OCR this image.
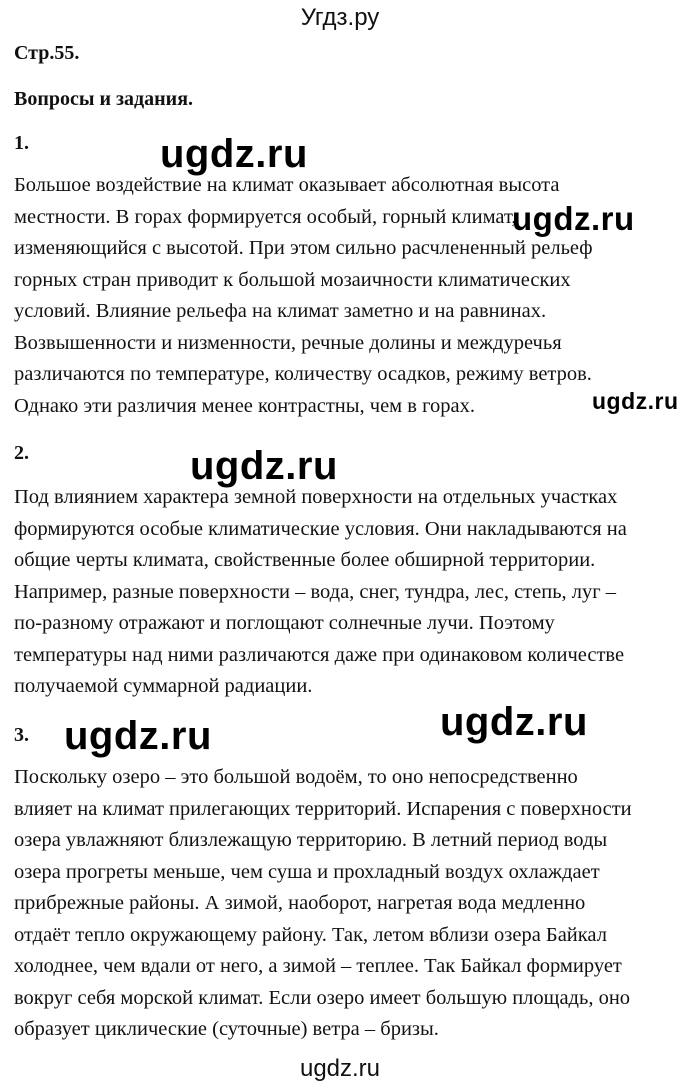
Угдз.ру
Стр.55.
Вопросы и задания.
1.
Большое воздействие на климат оказывает абсолютная высота
местности. В горах формируется особый, горный климат,
изменяющийся с высотой. При этом сильно расчлененный рельеф
горных стран приводит к большой мозаичности климатических
условий. Влияние рельефа на климат заметно и на равнинах.
Возвышенности и низменности, речные долины и междуречья
различаются по температуре, количеству осадков, режиму ветров.
Однако эти различия менее контрастны, чем в горах.
2.
Под влиянием характера земной поверхности на отдельных участках
формируются особые климатические условия. Они накладываются на
общие черты климата, свойственные более обширной территории.
Например, разные поверхности – вода, снег, тундра, лес, степь, луг –
по-разному отражают и поглощают солнечные лучи. Поэтому
температуры над ними различаются даже при одинаковом количестве
получаемой суммарной радиации.
3.
Поскольку озеро – это большой водоём, то оно непосредственно
влияет на климат прилегающих территорий. Испарения с поверхности
озера увлажняют близлежащую территорию. В летний период воды
озера прогреты меньше, чем суша и прохладный воздух охлаждает
прибрежные районы. А зимой, наоборот, нагретая вода медленно
отдаёт тепло окружающему району. Так, летом вблизи озера Байкал
холоднее, чем вдали от него, а зимой – теплее. Так Байкал формирует
вокруг себя морской климат. Если озеро имеет большую площадь, оно
образует циклические (суточные) ветра – бризы.
ugdz.ru
ugdz.ru
ugdz.ru
ugdz.ru
ugdz.ru
ugdz.ru
ugdz.ru
